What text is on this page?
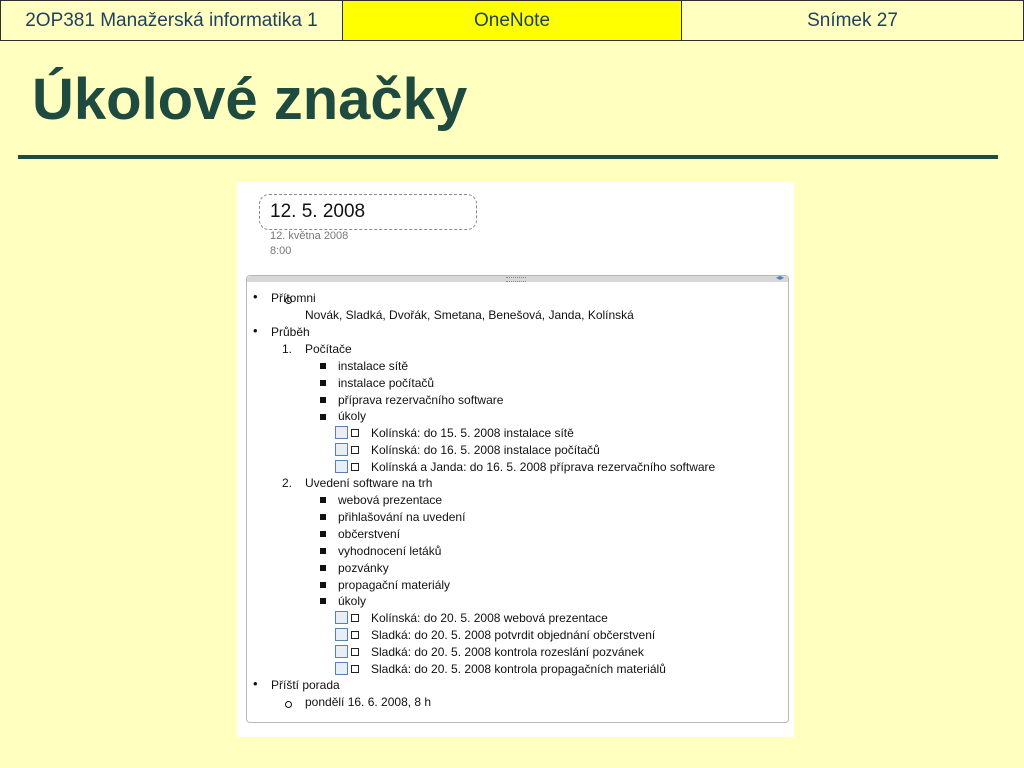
2OP381 Manažerská informatika 1	OneNote	Snímek 27
Úkolové značky
12. 5. 2008
12. května 2008
8:00
◂▸
• Přítomni
Novák, Sladká, Dvořák, Smetana, Benešová, Janda, Kolínská
• Průběh
1. Počítače
instalace sítě
instalace počítačů
příprava rezervačního software
úkoly
Kolínská: do 15. 5. 2008 instalace sítě
Kolínská: do 16. 5. 2008 instalace počítačů
Kolínská a Janda: do 16. 5. 2008 příprava rezervačního software
2. Uvedení software na trh
webová prezentace
přihlašování na uvedení
občerstvení
vyhodnocení letáků
pozvánky
propagační materiály
úkoly
Kolínská: do 20. 5. 2008 webová prezentace
Sladká: do 20. 5. 2008 potvrdit objednání občerstvení
Sladká: do 20. 5. 2008 kontrola rozeslání pozvánek
Sladká: do 20. 5. 2008 kontrola propagačních materiálů
• Příští porada
pondělí 16. 6. 2008, 8 h
